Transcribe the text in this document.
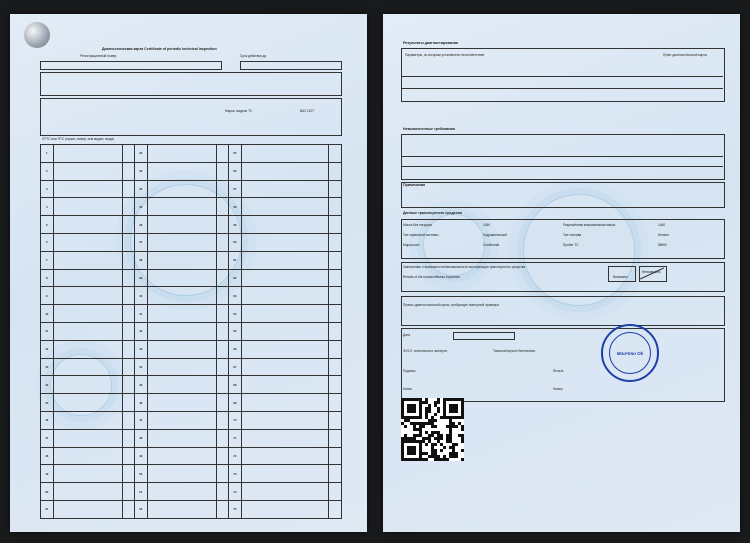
Диагностическая карта Certificate of periodic technical inspection
Регистрационный номер	Срок действия до
Марка, модель ТС	ВАЗ 2107
СРТС или ПТС (серия, номер, кем выдан, когда)
1			32			55		
2			33			56		
3			34			57		
4			35			58		
5			36			59		
6			37			60		
7			38			61		
8			39			62		
9			40			63		
10			41			64		
11			42			65		
12			43			66		
13			44			67		
14			45			68		
15			46			69		
16			47			70		
17			48			71		
18			49			72		
19			50			73		
20			51			74		
21			52			75		
Результаты диагностирования
Параметры, по которым установлено несоответствие	Пункт диагностической карты
Невыполненные требования
Примечания
Данные транспортного средства
Масса без нагрузки	1060	Разрешённая максимальная масса	1460
Тип тормозной системы	Гидравлический	Тип топлива	Бензин
Марка шин	Continental	Пробег ТС	86500
Заключение о возможности/невозможности эксплуатации транспортного средства
Results of the roadworthiness inspection	Возможно
Невозможно
Пункты диагностической карты, требующие повторной проверки
Дата
Ф.И.О. технического эксперта	Тимохов Кирилл Евгеньевич
Подпись	Печать
Копия	Номер
МоиЧто Ok
